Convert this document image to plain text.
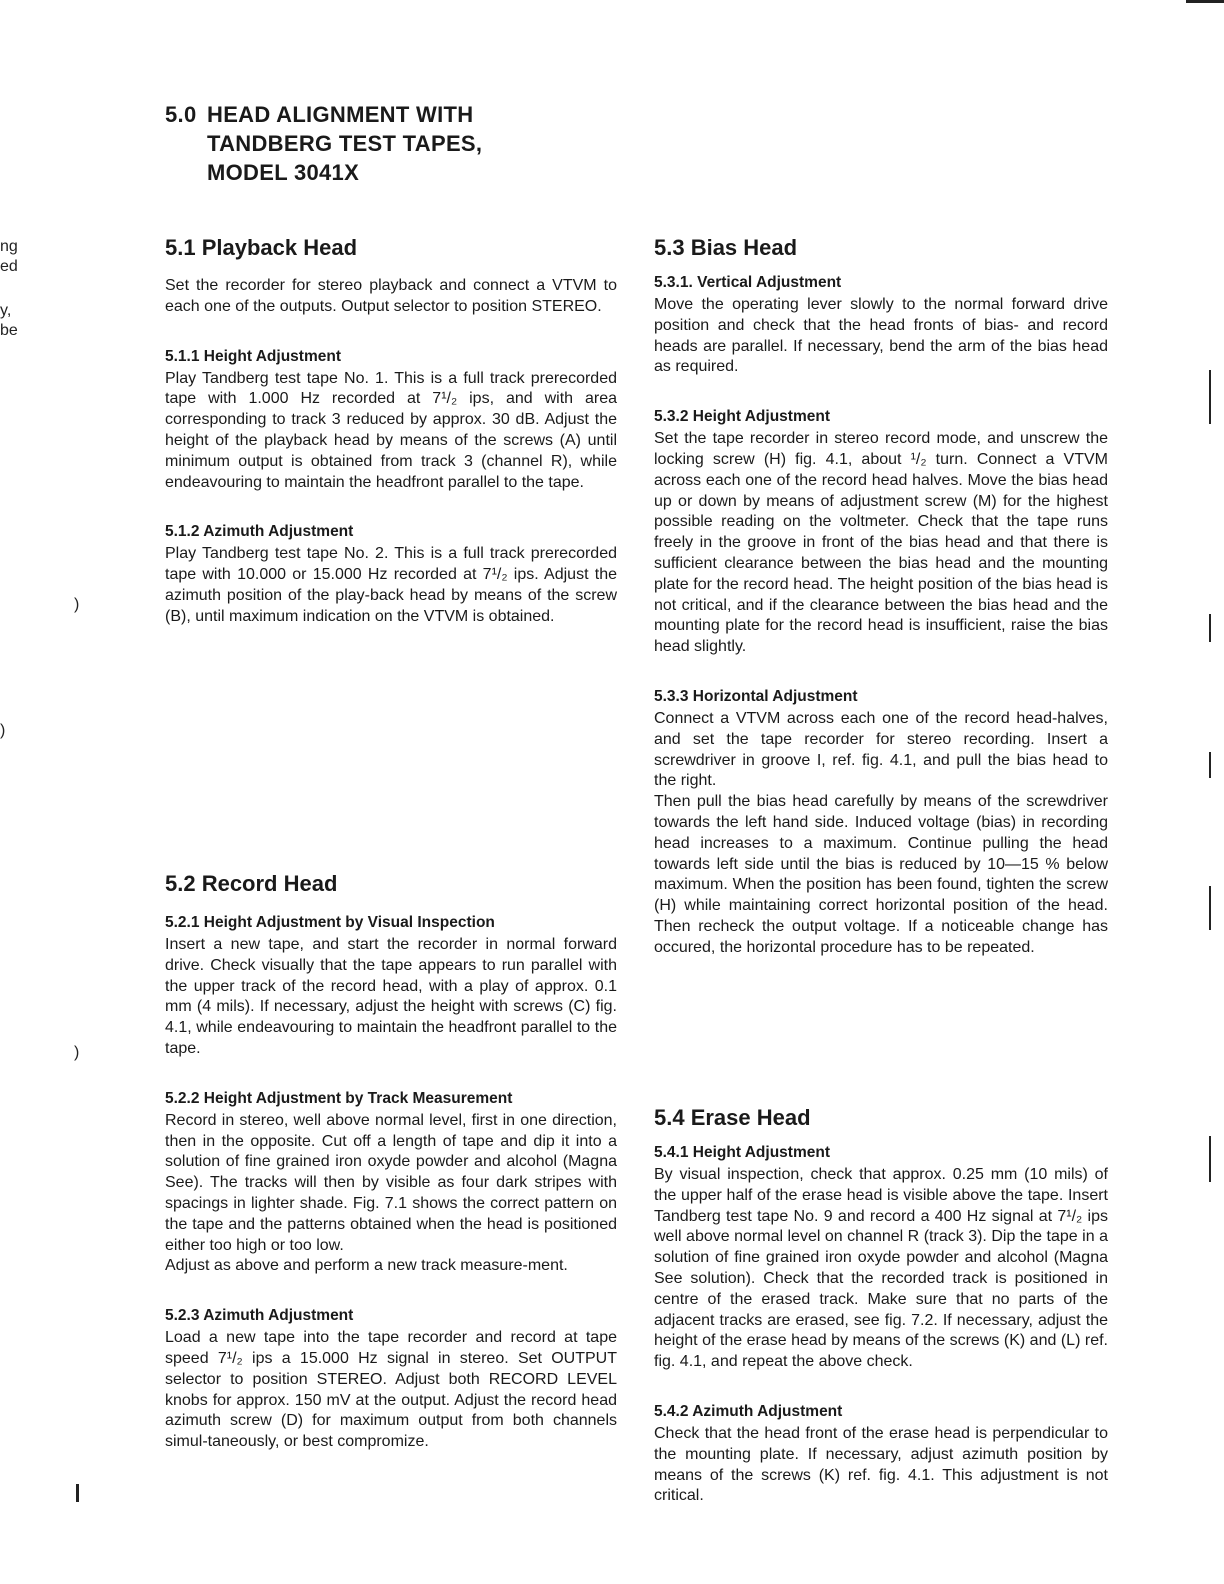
ng
ed
y,
be
)
)
)
5.0 HEAD ALIGNMENT WITH
TANDBERG TEST TAPES,
MODEL 3041X
5.1 Playback Head

Set the recorder for stereo playback and connect a VTVM to each one of the outputs. Output selector to position STEREO.

5.1.1 Height Adjustment

Play Tandberg test tape No. 1. This is a full track prerecorded tape with 1.000 Hz recorded at 7¹/₂ ips, and with area corresponding to track 3 reduced by approx. 30 dB. Adjust the height of the playback head by means of the screws (A) until minimum output is obtained from track 3 (channel R), while endeavouring to maintain the headfront parallel to the tape.

5.1.2 Azimuth Adjustment

Play Tandberg test tape No. 2. This is a full track prerecorded tape with 10.000 or 15.000 Hz recorded at 7¹/₂ ips. Adjust the azimuth position of the play-back head by means of the screw (B), until maximum indication on the VTVM is obtained.

5.2 Record Head
5.2.1 Height Adjustment by Visual Inspection

Insert a new tape, and start the recorder in normal forward drive. Check visually that the tape appears to run parallel with the upper track of the record head, with a play of approx. 0.1 mm (4 mils). If necessary, adjust the height with screws (C) fig. 4.1, while endeavouring to maintain the headfront parallel to the tape.

5.2.2 Height Adjustment by Track Measurement

Record in stereo, well above normal level, first in one direction, then in the opposite. Cut off a length of tape and dip it into a solution of fine grained iron oxyde powder and alcohol (Magna See). The tracks will then by visible as four dark stripes with spacings in lighter shade. Fig. 7.1 shows the correct pattern on the tape and the patterns obtained when the head is positioned either too high or too low.

Adjust as above and perform a new track measure-ment.

5.2.3 Azimuth Adjustment

Load a new tape into the tape recorder and record at tape speed 7¹/₂ ips a 15.000 Hz signal in stereo. Set OUTPUT selector to position STEREO. Adjust both RECORD LEVEL knobs for approx. 150 mV at the output. Adjust the record head azimuth screw (D) for maximum output from both channels simul-taneously, or best compromize.

5.3 Bias Head
5.3.1. Vertical Adjustment

Move the operating lever slowly to the normal forward drive position and check that the head fronts of bias- and record heads are parallel. If necessary, bend the arm of the bias head as required.

5.3.2 Height Adjustment

Set the tape recorder in stereo record mode, and unscrew the locking screw (H) fig. 4.1, about ¹/₂ turn. Connect a VTVM across each one of the record head halves. Move the bias head up or down by means of adjustment screw (M) for the highest possible reading on the voltmeter. Check that the tape runs freely in the groove in front of the bias head and that there is sufficient clearance between the bias head and the mounting plate for the record head. The height position of the bias head is not critical, and if the clearance between the bias head and the mounting plate for the record head is insufficient, raise the bias head slightly.

5.3.3 Horizontal Adjustment

Connect a VTVM across each one of the record head-halves, and set the tape recorder for stereo recording. Insert a screwdriver in groove I, ref. fig. 4.1, and pull the bias head to the right.

Then pull the bias head carefully by means of the screwdriver towards the left hand side. Induced voltage (bias) in recording head increases to a maximum. Continue pulling the head towards left side until the bias is reduced by 10—15 % below maximum. When the position has been found, tighten the screw (H) while maintaining correct horizontal position of the head. Then recheck the output voltage. If a noticeable change has occured, the horizontal procedure has to be repeated.

5.4 Erase Head
5.4.1 Height Adjustment

By visual inspection, check that approx. 0.25 mm (10 mils) of the upper half of the erase head is visible above the tape. Insert Tandberg test tape No. 9 and record a 400 Hz signal at 7¹/₂ ips well above normal level on channel R (track 3). Dip the tape in a solution of fine grained iron oxyde powder and alcohol (Magna See solution). Check that the recorded track is positioned in centre of the erased track. Make sure that no parts of the adjacent tracks are erased, see fig. 7.2. If necessary, adjust the height of the erase head by means of the screws (K) and (L) ref. fig. 4.1, and repeat the above check.

5.4.2 Azimuth Adjustment

Check that the head front of the erase head is perpendicular to the mounting plate. If necessary, adjust azimuth position by means of the screws (K) ref. fig. 4.1. This adjustment is not critical.
